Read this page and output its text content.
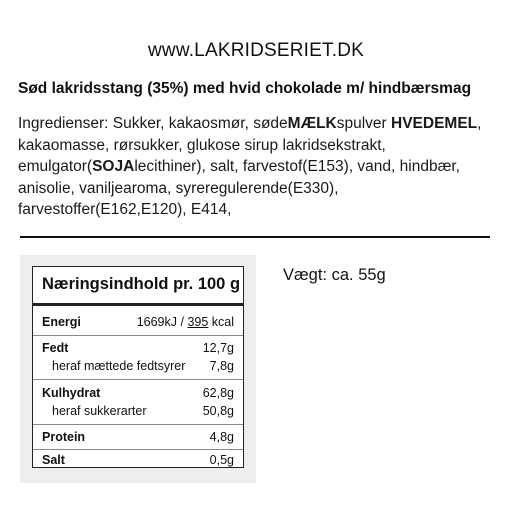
www.LAKRIDSERIET.DK
Sød lakridsstang (35%) med hvid chokolade m/ hindbærsmag
Ingredienser: Sukker, kakaosmør, sødeMÆLKspulver HVEDEMEL, kakaomasse, rørsukker, glukose sirup lakridsekstrakt, emulgator(SOJAlecithiner), salt, farvestof(E153), vand, hindbær, anisolie, vaniljearoma, syreregulerende(E330), farvestoffer(E162,E120), E414,
Næringsindhold pr. 100 g
Energi	1669kJ / 395 kcal
Fedt	12,7g
heraf mættede fedtsyrer 7,8g
Kulhydrat	62,8g
heraf sukkerarter	50,8g
Protein	4,8g
Salt	0,5g
Vægt: ca. 55g
